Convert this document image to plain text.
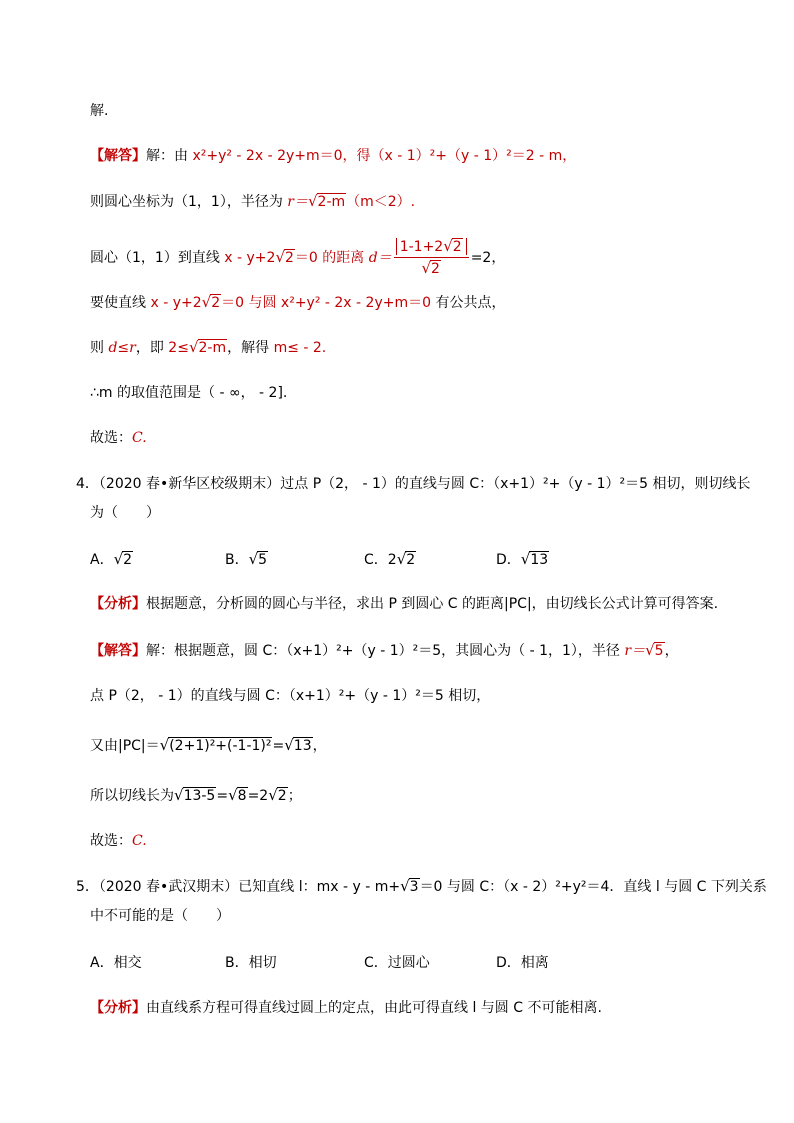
解.
【解答】解：由 x²+y² - 2x - 2y+m＝0，得（x - 1）²+（y - 1）²＝2 - m，
则圆心坐标为（1，1），半径为 r＝√2-m（m＜2）.
圆心（1，1）到直线 x - y+2√2＝0 的距离 $d= \frac{1-1+2√2}{√2} =2$，
要使直线 x - y+2√2＝0 与圆 x²+y² - 2x - 2y+m＝0 有公共点，
则 d≤r，即 2≤√2-m，解得 m≤ - 2.
∴m 的取值范围是（ - ∞， - 2].
故选：C.
4．（2020 春•新华区校级期末）过点 P（2， - 1）的直线与圆 C：（x+1）²+（y - 1）²＝5 相切，则切线长
为（　　）
A．√2	B．√5	C．2√2	D．√13
【分析】根据题意，分析圆的圆心与半径，求出 P 到圆心 C 的距离|PC|，由切线长公式计算可得答案.
【解答】解：根据题意，圆 C：（x+1）²+（y - 1）²＝5，其圆心为（ - 1，1），半径 r＝√5，
点 P（2， - 1）的直线与圆 C：（x+1）²+（y - 1）²＝5 相切，
又由|PC|＝√(2+1)²+(-1-1)²=√13，
所以切线长为√13-5=√8=2√2；
故选：C.
5．（2020 春•武汉期末）已知直线 l：mx - y - m+√3＝0 与圆 C：（x - 2）²+y²＝4．直线 l 与圆 C 下列关系
中不可能的是（　　）
A．相交	B．相切	C．过圆心	D．相离
【分析】由直线系方程可得直线过圆上的定点，由此可得直线 l 与圆 C 不可能相离.
